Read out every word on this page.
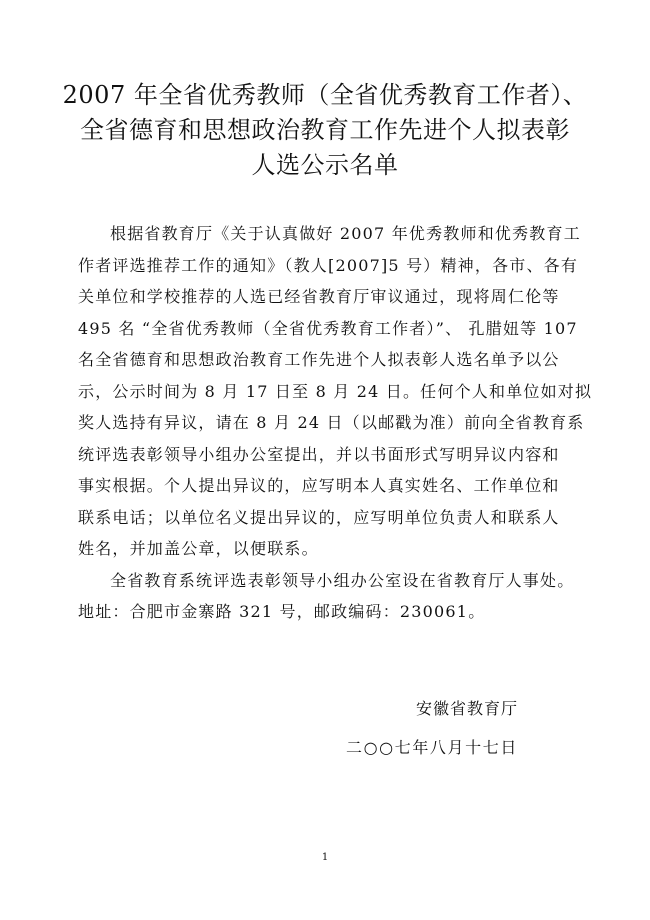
2007 年全省优秀教师（全省优秀教育工作者）、
全省德育和思想政治教育工作先进个人拟表彰
人选公示名单
根据省教育厅《关于认真做好 2007 年优秀教师和优秀教育工
作者评选推荐工作的通知》（教人[2007]5 号）精神，各市、各有
关单位和学校推荐的人选已经省教育厅审议通过，现将周仁伦等
495 名 “全省优秀教师（全省优秀教育工作者）”、 孔腊妞等 107
名全省德育和思想政治教育工作先进个人拟表彰人选名单予以公
示，公示时间为 8 月 17 日至 8 月 24 日。任何个人和单位如对拟
奖人选持有异议，请在 8 月 24 日（以邮戳为准）前向全省教育系
统评选表彰领导小组办公室提出，并以书面形式写明异议内容和
事实根据。个人提出异议的，应写明本人真实姓名、工作单位和
联系电话；以单位名义提出异议的，应写明单位负责人和联系人
姓名，并加盖公章，以便联系。
全省教育系统评选表彰领导小组办公室设在省教育厅人事处。
地址：合肥市金寨路 321 号，邮政编码：230061。
安徽省教育厅
二○○七年八月十七日
1
